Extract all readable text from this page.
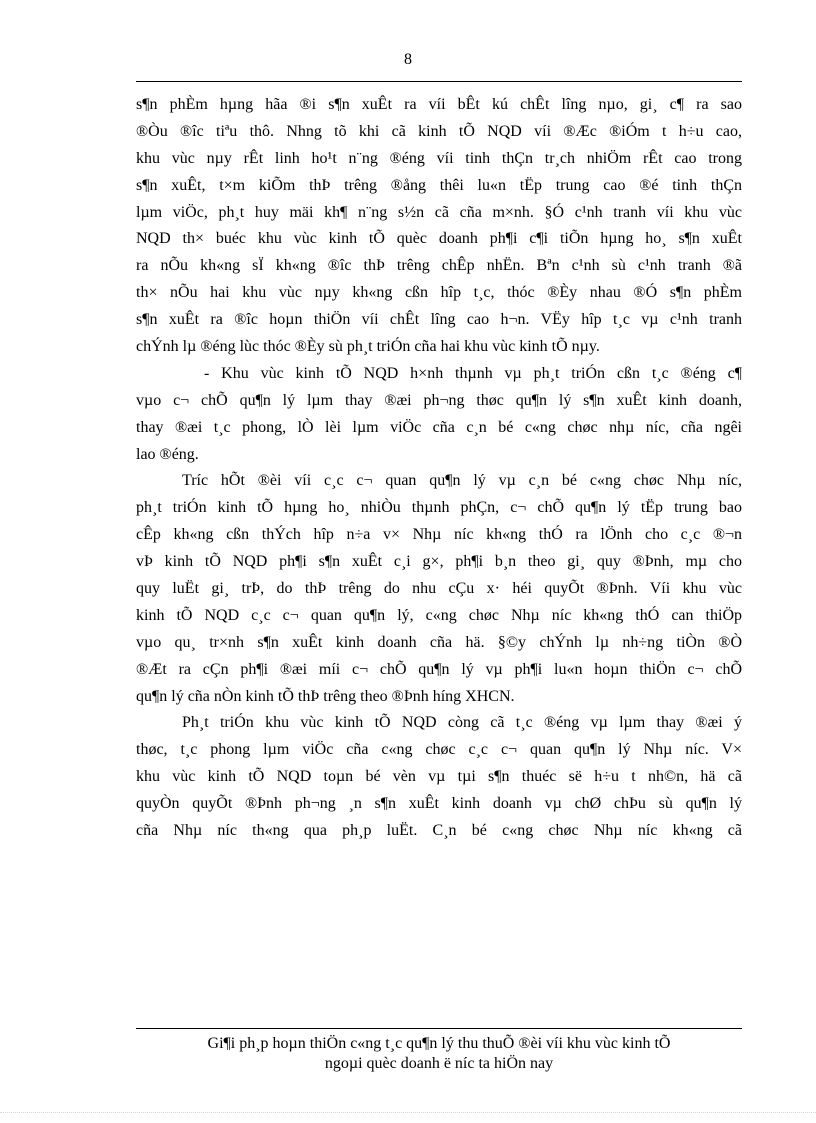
8
s¶n phÈm hµng hãa ®i s¶n xuÊt ra víi bÊt kú chÊt lîng nµo, gi¸ c¶ ra sao
®Òu ®îc tiªu thô. Nhng tõ khi cã kinh tÕ NQD víi ®Æc ®iÓm t h÷u cao,
khu vùc nµy rÊt linh ho¹t n¨ng ®éng víi tinh thÇn tr¸ch nhiÖm rÊt cao trong
s¶n xuÊt, t×m kiÕm thÞ trêng ®ång thêi lu«n tËp trung cao ®é tinh thÇn
lµm viÖc, ph¸t huy mäi kh¶ n¨ng s½n cã cña m×nh. §Ó c¹nh tranh víi khu vùc
NQD th× buéc khu vùc kinh tÕ quèc doanh ph¶i c¶i tiÕn hµng ho¸ s¶n xuÊt
ra nÕu kh«ng sÏ kh«ng ®îc thÞ trêng chÊp nhËn. Bªn c¹nh sù c¹nh tranh ®ã
th× nÕu hai khu vùc nµy kh«ng cßn hîp t¸c, thóc ®Èy nhau ®Ó s¶n phÈm
s¶n xuÊt ra ®îc hoµn thiÖn víi chÊt lîng cao h¬n. VËy hîp t¸c vµ c¹nh tranh
chÝnh lµ ®éng lùc thóc ®Èy sù ph¸t triÓn cña hai khu vùc kinh tÕ nµy.
- Khu vùc kinh tÕ NQD h×nh thµnh vµ ph¸t triÓn cßn t¸c ®éng c¶
vµo c¬ chÕ qu¶n lý lµm thay ®æi ph¬ng thøc qu¶n lý s¶n xuÊt kinh doanh,
thay ®æi t¸c phong, lÒ lèi lµm viÖc cña c¸n bé c«ng chøc nhµ níc, cña ngêi
lao ®éng.
Tríc hÕt ®èi víi c¸c c¬ quan qu¶n lý vµ c¸n bé c«ng chøc Nhµ níc,
ph¸t triÓn kinh tÕ hµng ho¸ nhiÒu thµnh phÇn, c¬ chÕ qu¶n lý tËp trung bao
cÊp kh«ng cßn thÝch hîp n÷a v× Nhµ níc kh«ng thÓ ra lÖnh cho c¸c ®¬n
vÞ kinh tÕ NQD ph¶i s¶n xuÊt c¸i g×, ph¶i b¸n theo gi¸ quy ®Þnh, mµ cho
quy luËt gi¸ trÞ, do thÞ trêng do nhu cÇu x· héi quyÕt ®Þnh. Víi khu vùc
kinh tÕ NQD c¸c c¬ quan qu¶n lý, c«ng chøc Nhµ níc kh«ng thÓ can thiÖp
vµo qu¸ tr×nh s¶n xuÊt kinh doanh cña hä. §©y chÝnh lµ nh÷ng tiÒn ®Ò
®Æt ra cÇn ph¶i ®æi míi c¬ chÕ qu¶n lý vµ ph¶i lu«n hoµn thiÖn c¬ chÕ
qu¶n lý cña nÒn kinh tÕ thÞ trêng theo ®Þnh híng XHCN.
Ph¸t triÓn khu vùc kinh tÕ NQD còng cã t¸c ®éng vµ lµm thay ®æi ý
thøc, t¸c phong lµm viÖc cña c«ng chøc c¸c c¬ quan qu¶n lý Nhµ níc. V×
khu vùc kinh tÕ NQD toµn bé vèn vµ tµi s¶n thuéc së h÷u t nh©n, hä cã
quyÒn quyÕt ®Þnh ph¬ng ¸n s¶n xuÊt kinh doanh vµ chØ chÞu sù qu¶n lý
cña Nhµ níc th«ng qua ph¸p luËt. C¸n bé c«ng chøc Nhµ níc kh«ng cã
Gi¶i ph¸p hoµn thiÖn c«ng t¸c qu¶n lý thu thuÕ ®èi víi khu vùc kinh tÕ
ngoµi quèc doanh ë níc ta hiÖn nay
